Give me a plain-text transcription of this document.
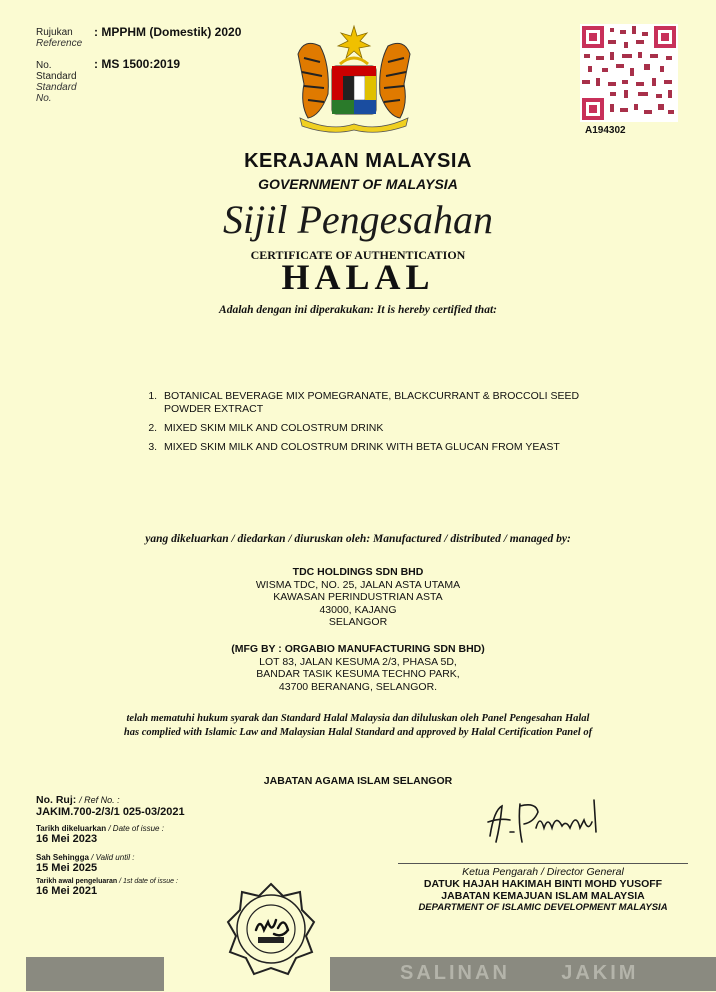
Rujukan
Reference
: MPPHM (Domestik) 2020
No.
Standard
Standard
No.
: MS 1500:2019
A194302
KERAJAAN MALAYSIA
GOVERNMENT OF MALAYSIA
Sijil Pengesahan
CERTIFICATE OF AUTHENTICATION
HALAL
Adalah dengan ini diperakukan: It is hereby certified that:
1. BOTANICAL BEVERAGE MIX POMEGRANATE, BLACKCURRANT & BROCCOLI SEED POWDER EXTRACT
2. MIXED SKIM MILK AND COLOSTRUM DRINK
3. MIXED SKIM MILK AND COLOSTRUM DRINK WITH BETA GLUCAN FROM YEAST
yang dikeluarkan / diedarkan / diuruskan oleh: Manufactured / distributed / managed by:
TDC HOLDINGS SDN BHD
WISMA TDC, NO. 25, JALAN ASTA UTAMA
KAWASAN PERINDUSTRIAN ASTA
43000, KAJANG
SELANGOR
(MFG BY : ORGABIO MANUFACTURING SDN BHD)
LOT 83, JALAN KESUMA 2/3, PHASA 5D,
BANDAR TASIK KESUMA TECHNO PARK,
43700 BERANANG, SELANGOR.
telah mematuhi hukum syarak dan Standard Halal Malaysia dan diluluskan oleh Panel Pengesahan Halal
has complied with Islamic Law and Malaysian Halal Standard and approved by Halal Certification Panel of
JABATAN AGAMA ISLAM SELANGOR
No. Ruj: / Ref No. :
JAKIM.700-2/3/1 025-03/2021
Tarikh dikeluarkan / Date of issue :
16 Mei 2023
Sah Sehingga / Valid until :
15 Mei 2025
Tarikh awal pengeluaran / 1st date of issue :
16 Mei 2021
Ketua Pengarah / Director General
DATUK HAJAH HAKIMAH BINTI MOHD YUSOFF
JABATAN KEMAJUAN ISLAM MALAYSIA
DEPARTMENT OF ISLAMIC DEVELOPMENT MALAYSIA
SALINAN      JAKIM
